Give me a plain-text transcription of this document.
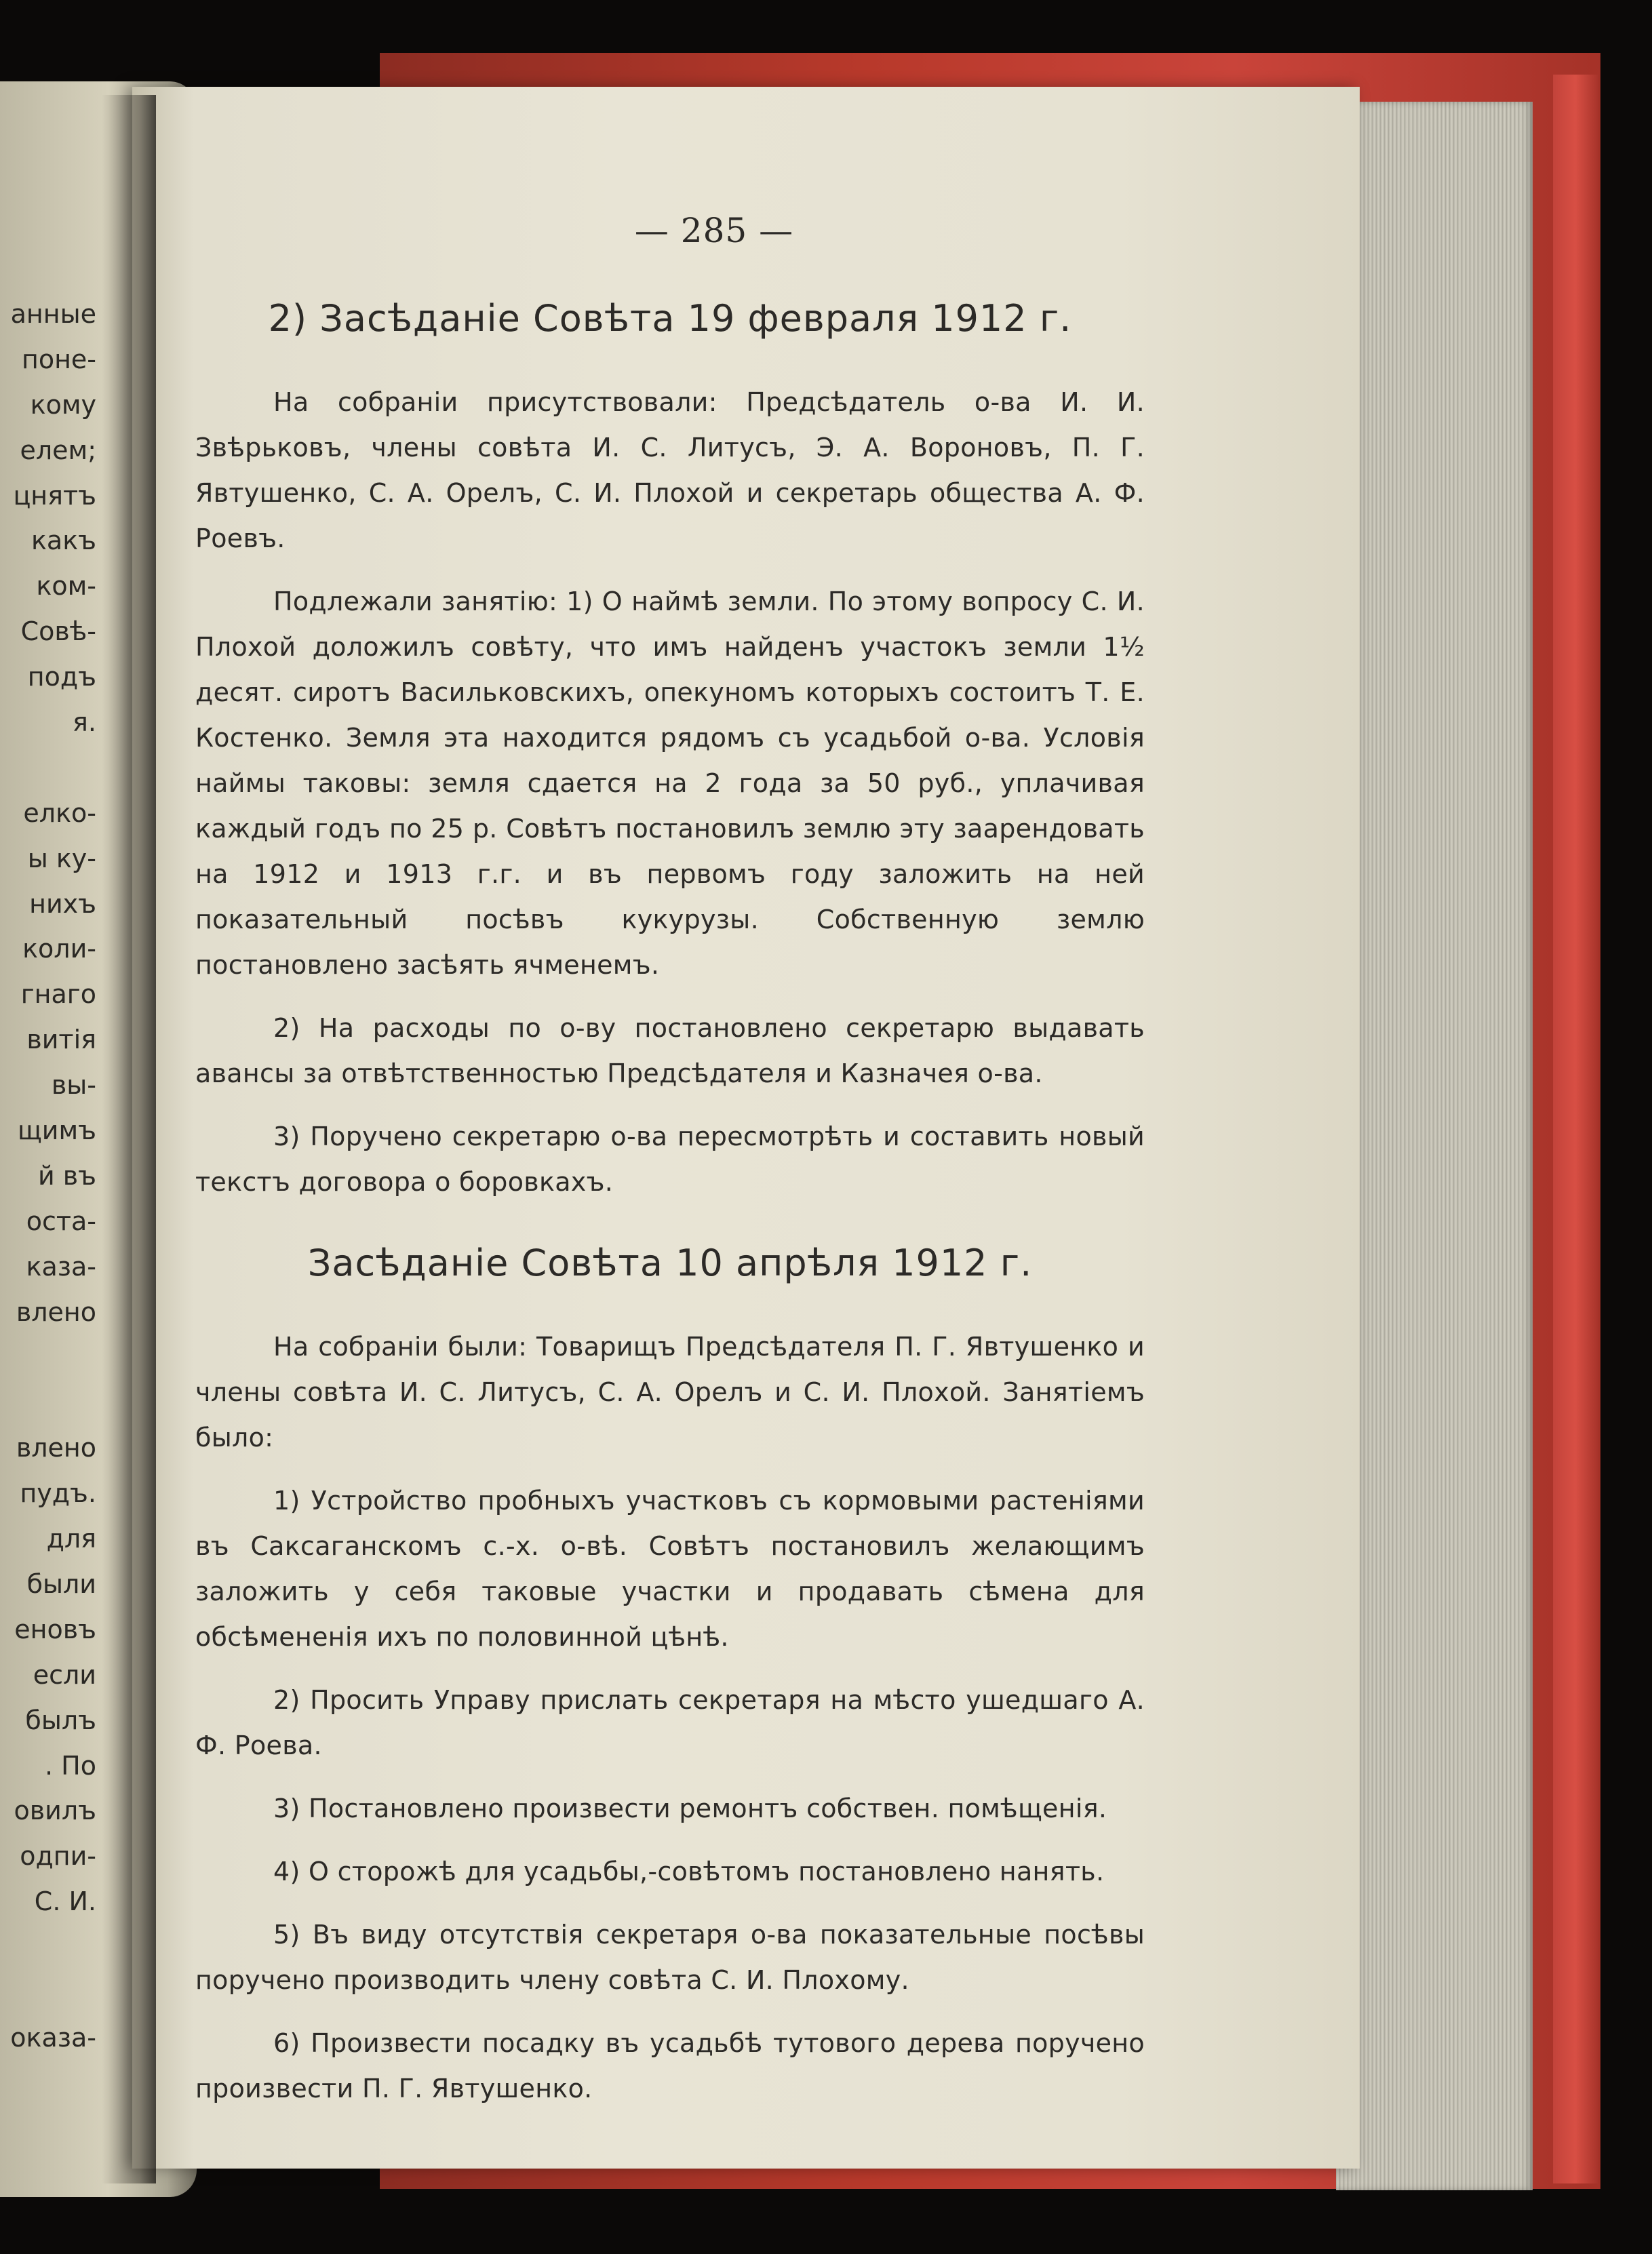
анные
поне-
кому
елем;
цнятъ
какъ
ком-
Совѣ-
подъ
я.
елко-
ы ку-
нихъ
коли-
гнаго
витія
вы-
щимъ
й въ
оста-
каза-
влено
влено
пудъ.
для
были
еновъ
если
былъ
. По
овилъ
одпи-
С. И.
оказа-
— 285 —
2) Засѣданіе Совѣта 19 февраля 1912 г.

На собраніи присутствовали: Предсѣдатель о-ва И. И. Звѣрьковъ, члены совѣта И. С. Литусъ, Э. А. Вороновъ, П. Г. Явтушенко, С. А. Орелъ, С. И. Плохой и секретарь общества А. Ф. Роевъ.

Подлежали занятію: 1) О наймѣ земли. По этому вопросу С. И. Плохой доложилъ совѣту, что имъ найденъ участокъ земли 1½ десят. сиротъ Васильковскихъ, опекуномъ которыхъ состоитъ Т. Е. Костенко. Земля эта находится рядомъ съ усадьбой о-ва. Условія наймы таковы: земля сдается на 2 года за 50 руб., уплачивая каждый годъ по 25 р. Совѣтъ постановилъ землю эту заарендовать на 1912 и 1913 г.г. и въ первомъ году заложить на ней показательный посѣвъ кукурузы. Собственную землю постановлено засѣять ячменемъ.

2) На расходы по о-ву постановлено секретарю выдавать авансы за отвѣтственностью Предсѣдателя и Казначея о-ва.

3) Поручено секретарю о-ва пересмотрѣть и составить новый текстъ договора о боровкахъ.

Засѣданіе Совѣта 10 апрѣля 1912 г.

На собраніи были: Товарищъ Предсѣдателя П. Г. Явтушенко и члены совѣта И. С. Литусъ, С. А. Орелъ и С. И. Плохой. Занятіемъ было:

1) Устройство пробныхъ участковъ съ кормовыми растеніями въ Саксаганскомъ с.-х. о-вѣ. Совѣтъ постановилъ желающимъ заложить у себя таковые участки и продавать сѣмена для обсѣмененія ихъ по половинной цѣнѣ.

2) Просить Управу прислать секретаря на мѣсто ушедшаго А. Ф. Роева.

3) Постановлено произвести ремонтъ собствен. помѣщенія.

4) О сторожѣ для усадьбы,-совѣтомъ постановлено нанять.

5) Въ виду отсутствія секретаря о-ва показательные посѣвы поручено производить члену совѣта С. И. Плохому.

6) Произвести посадку въ усадьбѣ тутового дерева поручено произвести П. Г. Явтушенко.
